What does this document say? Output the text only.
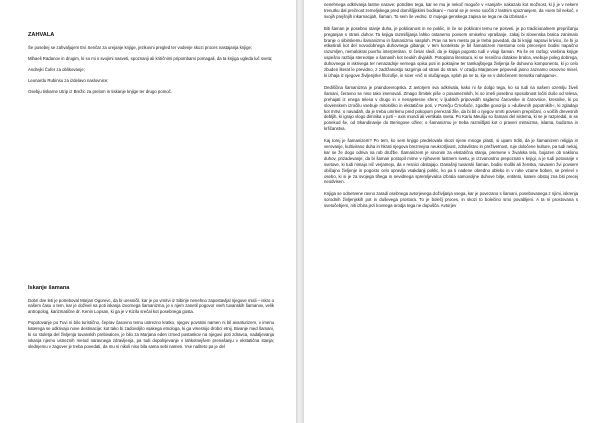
ZAHVALA

Še posebej se zahvaljujem Evi Senčar za urejanje knjige, jezikovni pregled ter vodenje skozi proces nastajanja knjige;

Mihaeli Radanov in drugim, ki so mi s svojimi nasveti, spoznanji ali kritičnimi pripombami pomagali, da ta knjiga ugleda luč sveta;

Andrejki Čufer za oblikovanje;

Leonardu Rubinsu za izdelavo naslovnice;

Osebju tiskarne Utrip iz Brežic za prelom in tiskanje knjige ter drugo pomoč.

Iskanje šamana

Dobri dve leti je potreboval Marjan Ogorevc, da bi uresničil, kar je po vrnitvi iz Sibirije nenehno zapostavljal njegove misli – iskro o našem času o tem, kar je doživel na poti iskanja izvornega šamanizma, je v njem zanetil pogovor vseh tuvanskih šamanov, velik antropolog, karizmatične dr. Kenin Lopsan, ki ga je v Kizilu srečal kot posebnega gosta.

Popotovanje po Tuvi ni bilo turistično, čeprav časovno temu ustrezno kratko, njegov povratni namen ni bil avanturizem, v imenu katerega se odkrivajo nove destinacije; kot tako bi zadovoljilo vsakega etnologa, ki ga vmesnijo drobci etnij. Bivanje med šamani, ki so stoletja del življenja tuvanskih prebivalcev, je bilo za Marjana eden izmed postankov na njegovi poti zdravca, nadaljevanja iskanja njemu ustreznih metod naravnega zdravljenja, pa tudi dopolnjevanje v lahkotnejšem prenašanju v ekstatična stanja; slednjemu v zagover je treba povedati, da mu ni nikoli niso bila sama sebi namen. Vse našteto pa je del

nenehnega odkrivanja lastne narave; potrditev tega, kar se mu je nekoč mogoče v »sanjah« nakazalo kot možnost, ki ji je v nekem trenutku dal prečnost zemeljskega pred domišljijskimi bodisani – moral se je resno soočiti z lastnim spoznanjem, da »sem bil nekoč, v svojih prejšnjih inkarnacijah, šaman. To sem še vedno. Iz mojega genskega zapisa se tega ne da izbrisati.«

Biti šaman je posebno stanje duha, je poklicanost in ne poklic, in če se poklicani temu ne posveti, je po tradicionalnem prepričanju preganjan s strani duhov. Ta knjiga razmišljanja lahko ostanemo povsem smiselno vprašanje, zakaj bi slovenska bralca zanimalo branje o sibirskemu šamanizmu in šamanizmu nasploh. Prav na tem mestu pa je treba povedati, da bi knjigi napravi krivico, če bi jo etiketirali kot del novodobnega duhovnega gibanja; v tem kontekstu je bil šamanizem mestoma celo precenjen bodisi napačno razumljen, nemalokrat povrhu interpretiran. Iz česar sledi, da je knjiga pogosto tudi v vlogi šaman. Pa še en razlog: vsebina knjige uspešno razbija stereotipe o šamanih kot neukih divjakih. Potopisna literatura, ki se resnično dotakne bralca, vsebuje poleg dobrega, duhovnega in iskrivega ter nenazadnje vernega opisa poti in pokrajine ter tamkajšnjega življenja še duhovno komponento, ki jo celo zbuden literat le previdno, z zadržanostjo razgrinja od strani do strani. V ozadju Marjanove pripovedi jasno zaznamo osnovno misel, ki izhaja iz njegove življenjske filozofije, in sicer »nič ni slučajnega, sploh pa ne to, kje se v določenem trenutku nahajamo«.

Dediščina šamanizma je praindoevropska. Z avtorjem sva odkrivala, kako ni še dolgo tega, ko so tudi na našem ozemlju živeli šamani, čeravno se niso tako imenovali. Zmago Šmitek piše o posameznikih, ki so imeli posebno sposobnost ločiti dušo od telesa, prehajati iz enega telesa v drugo in v nenajetesne sfere; v ljudskih pripovedih najdemo čarovnike in čarovnice, kresnike, ki po slovenskem izročilu vsebuje mitološko in ekstatične poti, v Porečju Črnošoče, zgodbe govorijo o »duševnih popotnikih«, ki zgladajo kot mrtvi, o navadah, da je treba umrlemu pred pokopom prerezati žile, da bi bil o njegov smrti povsem prepričani, o volčih drevesnih debljih, ki igrajo vlogo dimnika v jurti – axis mundi ali vertikala sveta. Po Karlu Meuliju so šamani del sistema, ki se je razpredal, in se ponekod še, od Skandinavije do Beringove ožine; o šamanizmu je treba razmišljati kot o praveri mitraizma, islama, budizma in krščanstva.

Kaj torej je šamanizem? Po tem, ko sem knjigo predelovala skozi njene mnoge plasti, si upam trditi, da je šamanizem religija in verovanje, kultivirano duha in hkrati njegova brezmejna neukrotljivost, zdravilstvo in preživetnost, ruje določene kulture, pa tudi nekaj, kar se že dogo odriva na rob družbe. Šamanizem je sinonim za ekstatična stanja, premene v živalska telo, bojazen ob naklonu duhov, prizadevanje, da bi šaman postopil mirne v njihovem lastnem svetu, je izzvanostno prepoznati v knjigi, a je tudi potovanje v svetove, ki tudi nimajo nič verjamejo, da v resnici obstajajo. Današnji tuvanski šaman, bodisi moški ali ženska, navaven žvi povsem običajno življenje in pogosto celo opravlja vsakdanji poklic, ko pa ti nadene obredno obleko in v roke vzame boben, se preleví v osebo, ki si je za svojega tihega in nevidnega spremljevalca izbrala samovoljne duhove bitje, entiteto, katere obstoj zna biti precej neodvisen.

Knjiga se odnetvene ravno zaradi osebnega avtorjevega doživljanja vsega, kar je povezano s šamani, posebovanega z njimi, iskrenja sorodnih življenjskih pot in duševega prostora. To je bolečj proces, in skozi to bolečino smo povabljeni. A ta ni prostovana s svetočebjem, niti izbira jezi kovnega orodja tega ne dopušča. Avtorjev
